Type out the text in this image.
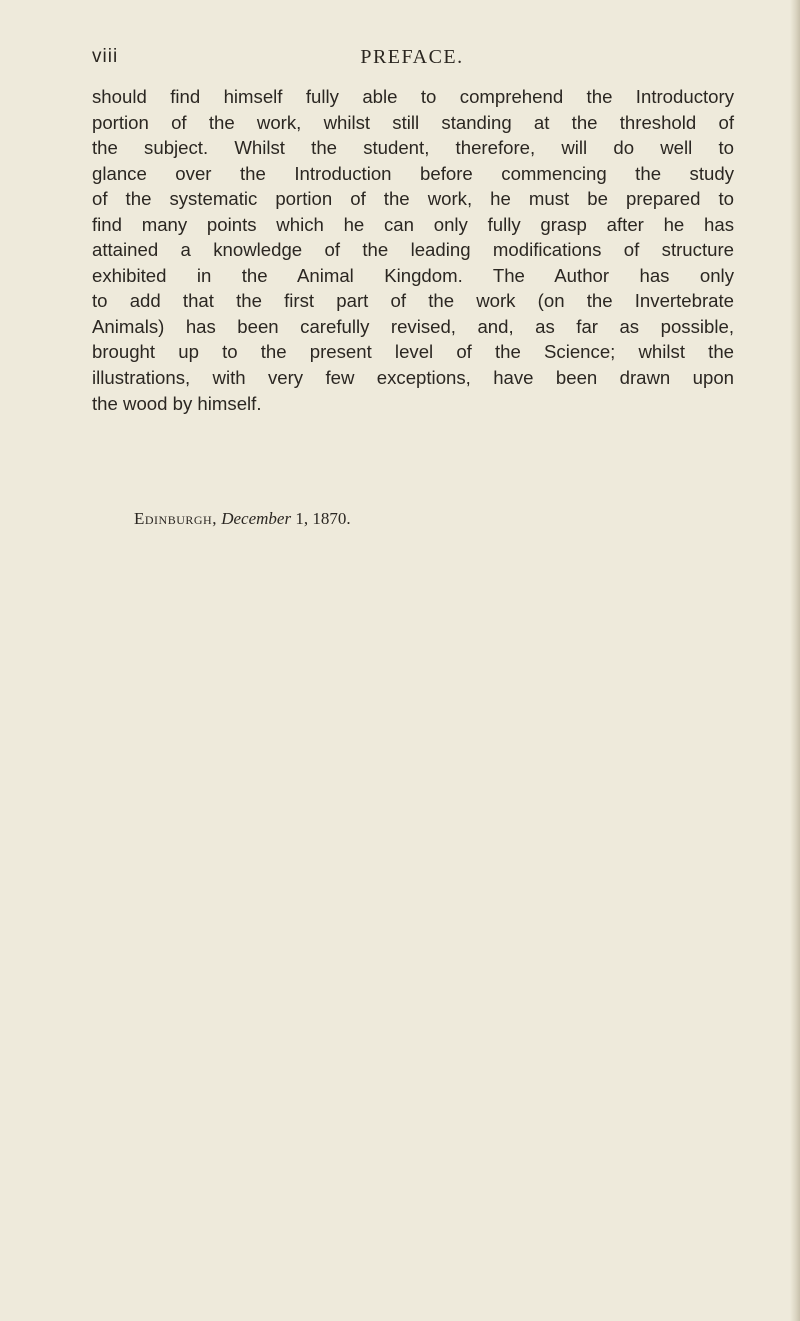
viii	PREFACE.
should find himself fully able to comprehend the Introductory
portion of the work, whilst still standing at the threshold of
the subject. Whilst the student, therefore, will do well to
glance over the Introduction before commencing the study
of the systematic portion of the work, he must be prepared to
find many points which he can only fully grasp after he has
attained a knowledge of the leading modifications of structure
exhibited in the Animal Kingdom. The Author has only
to add that the first part of the work (on the Invertebrate
Animals) has been carefully revised, and, as far as possible,
brought up to the present level of the Science; whilst the
illustrations, with very few exceptions, have been drawn upon
the wood by himself.
Edinburgh, December 1, 1870.
